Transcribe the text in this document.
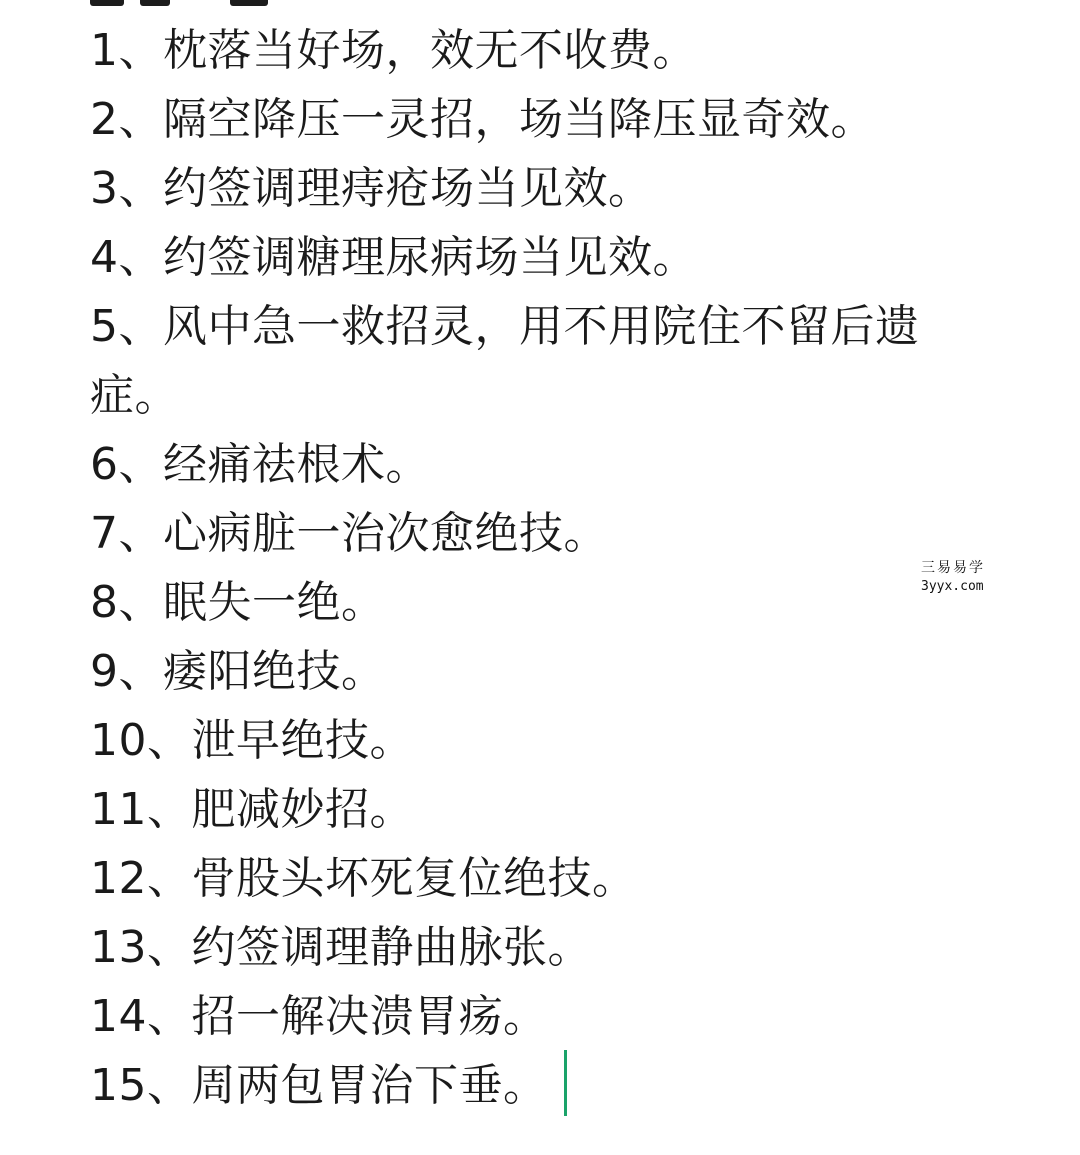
1、枕落当好场，效无不收费。
2、隔空降压一灵招，场当降压显奇效。
3、约签调理痔疮场当见效。
4、约签调糖理尿病场当见效。
5、风中急一救招灵，用不用院住不留后遗症。
6、经痛祛根术。
7、心病脏一治次愈绝技。
8、眠失一绝。
9、痿阳绝技。
10、泄早绝技。
11、肥减妙招。
12、骨股头坏死复位绝技。
13、约签调理静曲脉张。
14、招一解决溃胃疡。
15、周两包胃治下垂。
三易易学
3yyx.com
